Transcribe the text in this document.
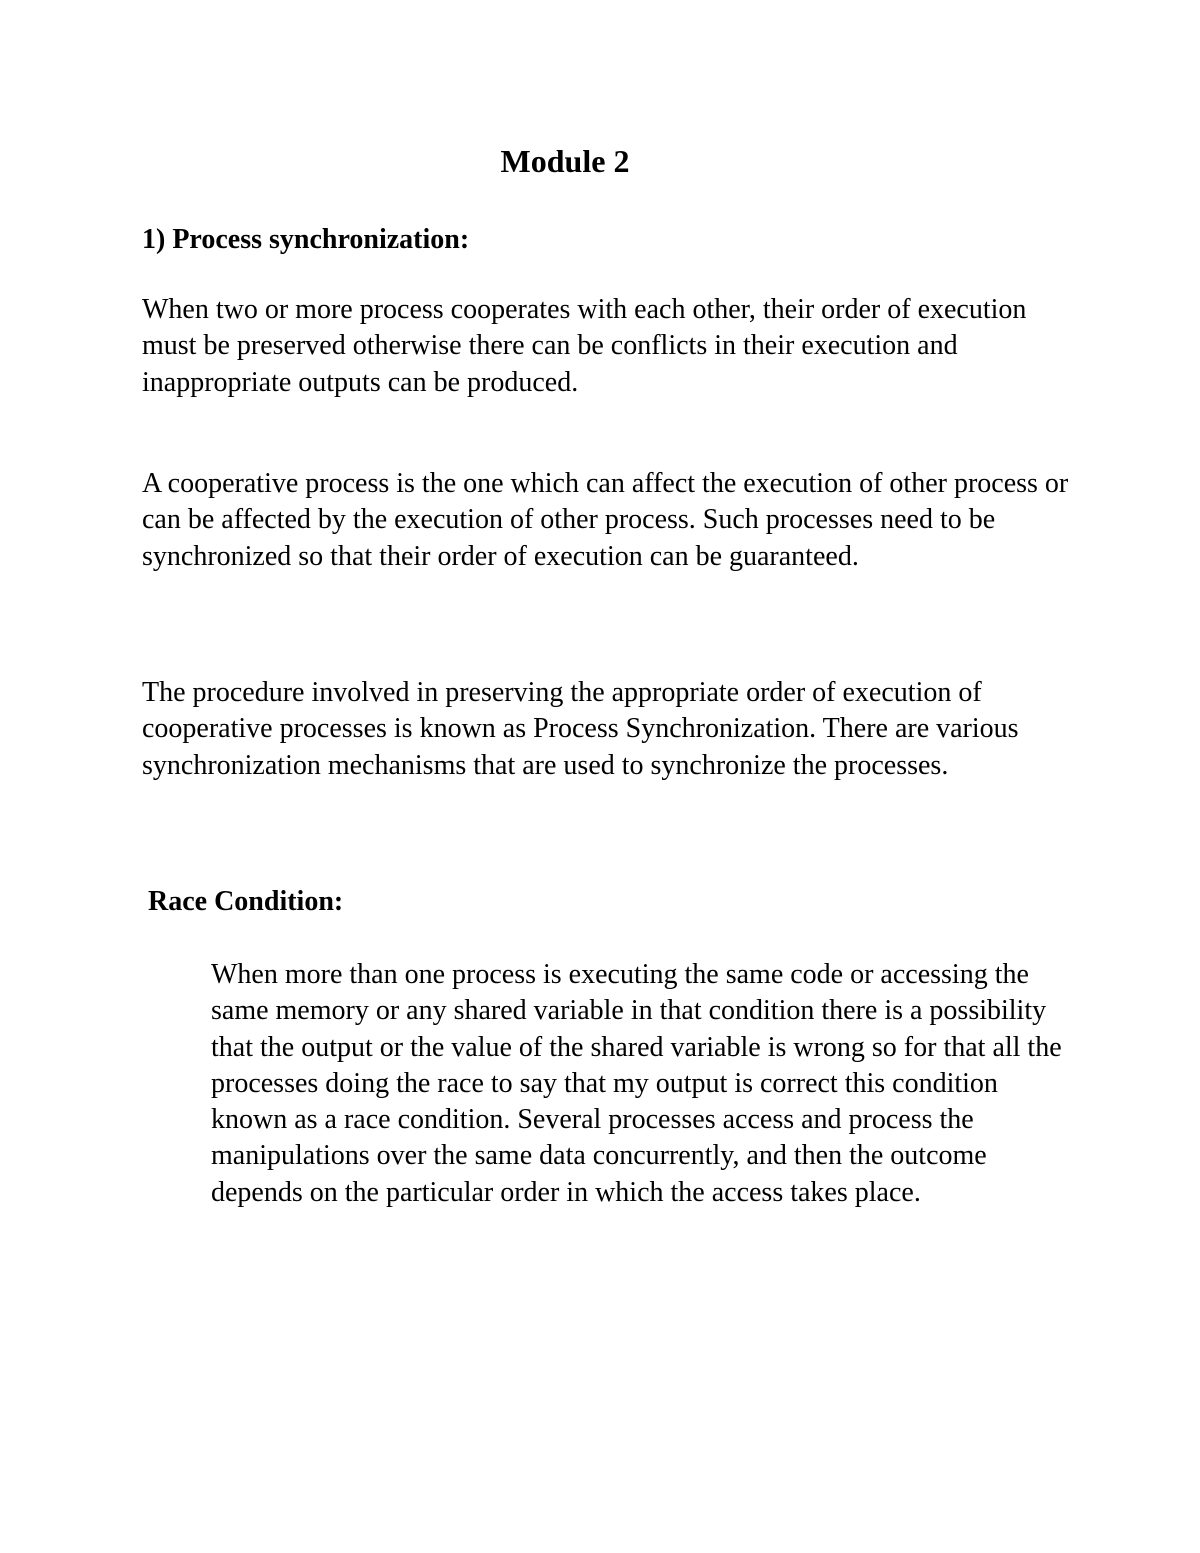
Module 2
1) Process synchronization:

When two or more process cooperates with each other, their order of execution must be preserved otherwise there can be conflicts in their execution and inappropriate outputs can be produced.

A cooperative process is the one which can affect the execution of other process or can be affected by the execution of other process. Such processes need to be synchronized so that their order of execution can be guaranteed.

The procedure involved in preserving the appropriate order of execution of cooperative processes is known as Process Synchronization. There are various synchronization mechanisms that are used to synchronize the processes.

Race Condition:

When more than one process is executing the same code or accessing the same memory or any shared variable in that condition there is a possibility that the output or the value of the shared variable is wrong so for that all the processes doing the race to say that my output is correct this condition known as a race condition. Several processes access and process the manipulations over the same data concurrently, and then the outcome depends on the particular order in which the access takes place.
